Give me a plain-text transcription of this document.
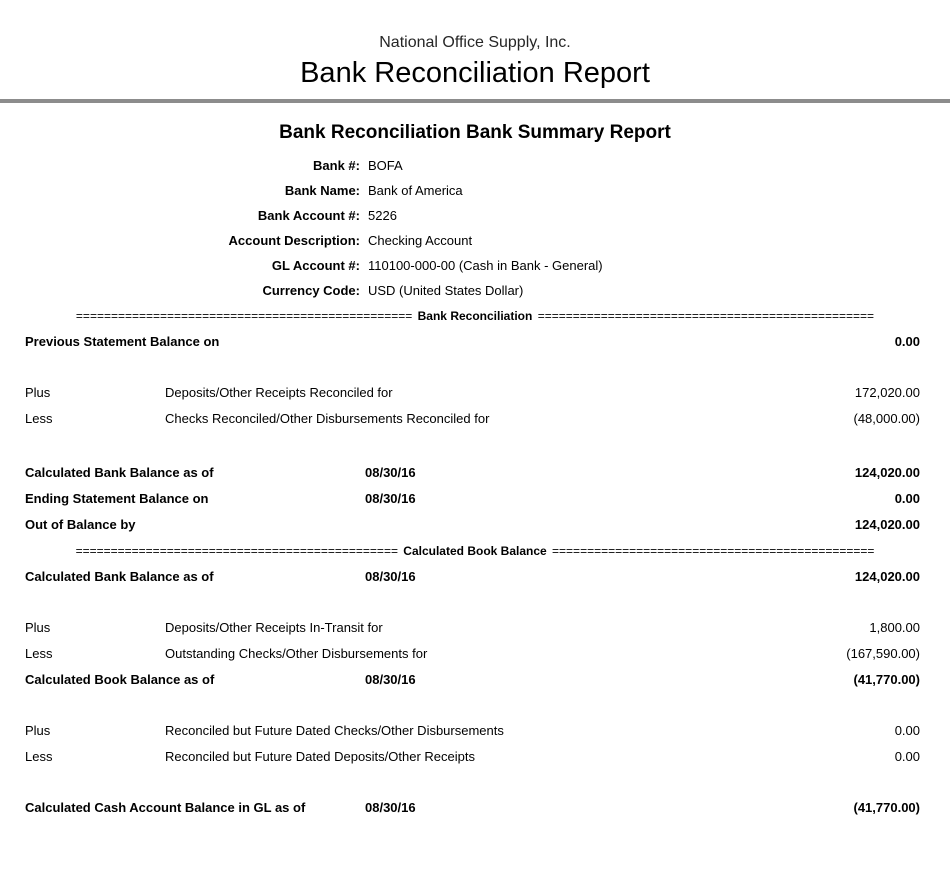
National Office Supply, Inc.
Bank Reconciliation Report
Bank Reconciliation Bank Summary Report
Bank #: BOFA
Bank Name: Bank of America
Bank Account #: 5226
Account Description: Checking Account
GL Account #: 110100-000-00 (Cash in Bank - General)
Currency Code: USD (United States Dollar)
================================================ Bank Reconciliation ================================================
Previous Statement Balance on	0.00
Plus	Deposits/Other Receipts Reconciled for	172,020.00
Less	Checks Reconciled/Other Disbursements Reconciled for	(48,000.00)
Calculated Bank Balance as of	08/30/16	124,020.00
Ending Statement Balance on	08/30/16	0.00
Out of Balance by	124,020.00
============================================== Calculated Book Balance ==============================================
Calculated Bank Balance as of	08/30/16	124,020.00
Plus	Deposits/Other Receipts In-Transit for	1,800.00
Less	Outstanding Checks/Other Disbursements for	(167,590.00)
Calculated Book Balance as of	08/30/16	(41,770.00)
Plus	Reconciled but Future Dated Checks/Other Disbursements	0.00
Less	Reconciled but Future Dated Deposits/Other Receipts	0.00
Calculated Cash Account Balance in GL as of	08/30/16	(41,770.00)
